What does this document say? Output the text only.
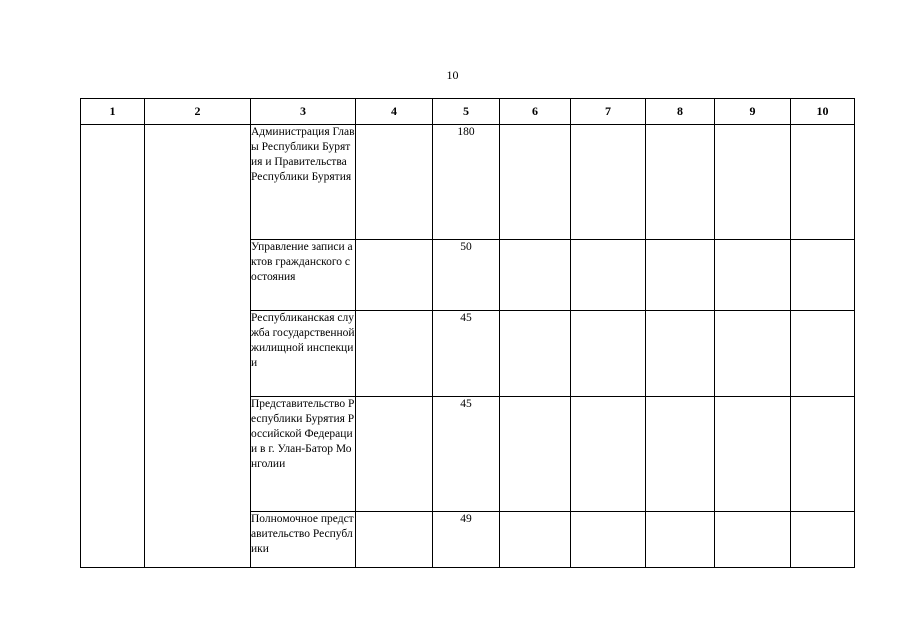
10
1	2	3	4	5	6	7	8	9	10
		Администрация Главы Республики Бурятия и Правительства Республики Бурятия		180					
		Управление записи актов гражданского состояния		50					
		Республиканская служба государственной жилищной инспекции		45					
		Представительство Республики Бурятия Российской Федерации в г. Улан-Батор Монголии		45					
		Полномочное представительство Республики		49					
